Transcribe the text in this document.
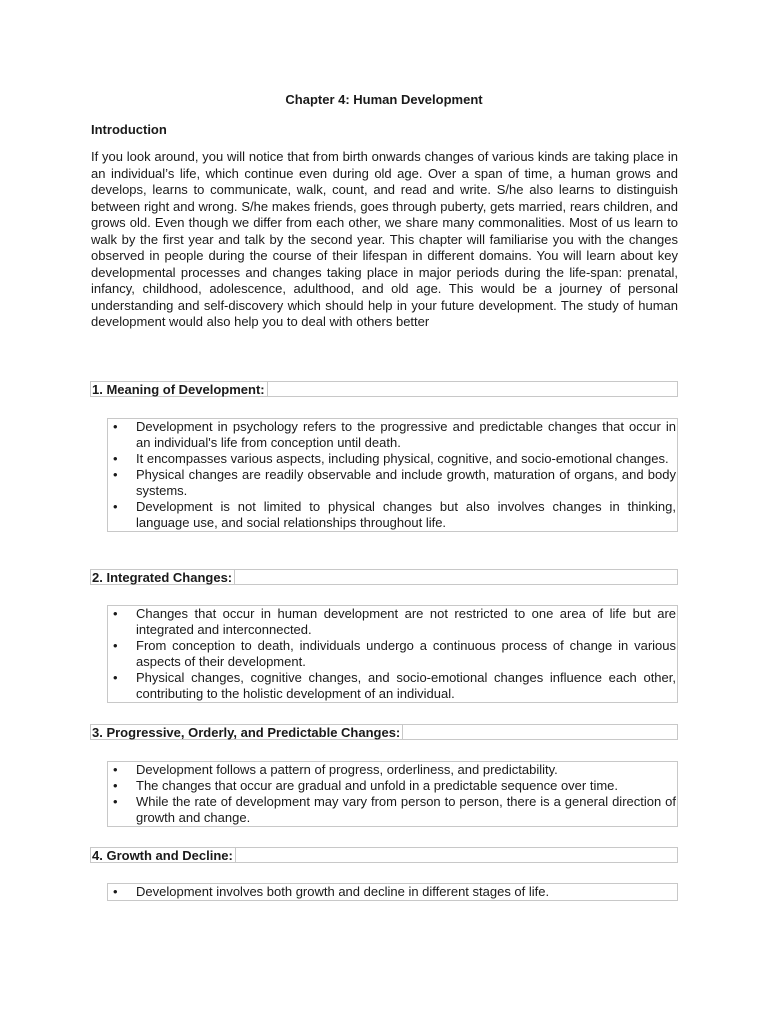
Chapter 4: Human Development
Introduction

If you look around, you will notice that from birth onwards changes of various kinds are taking place in an individual’s life, which continue even during old age. Over a span of time, a human grows and develops, learns to communicate, walk, count, and read and write. S/he also learns to distinguish between right and wrong. S/he makes friends, goes through puberty, gets married, rears children, and grows old. Even though we differ from each other, we share many commonalities. Most of us learn to walk by the first year and talk by the second year. This chapter will familiarise you with the changes observed in people during the course of their lifespan in different domains. You will learn about key developmental processes and changes taking place in major periods during the life-span: prenatal, infancy, childhood, adolescence, adulthood, and old age. This would be a journey of personal understanding and self-discovery which should help in your future development. The study of human development would also help you to deal with others better

1. Meaning of Development:
• Development in psychology refers to the progressive and predictable changes that occur in an individual's life from conception until death.
• It encompasses various aspects, including physical, cognitive, and socio-emotional changes.
• Physical changes are readily observable and include growth, maturation of organs, and body systems.
• Development is not limited to physical changes but also involves changes in thinking, language use, and social relationships throughout life.
2. Integrated Changes:
• Changes that occur in human development are not restricted to one area of life but are integrated and interconnected.
• From conception to death, individuals undergo a continuous process of change in various aspects of their development.
• Physical changes, cognitive changes, and socio-emotional changes influence each other, contributing to the holistic development of an individual.
3. Progressive, Orderly, and Predictable Changes:
• Development follows a pattern of progress, orderliness, and predictability.
• The changes that occur are gradual and unfold in a predictable sequence over time.
• While the rate of development may vary from person to person, there is a general direction of growth and change.
4. Growth and Decline:
• Development involves both growth and decline in different stages of life.
